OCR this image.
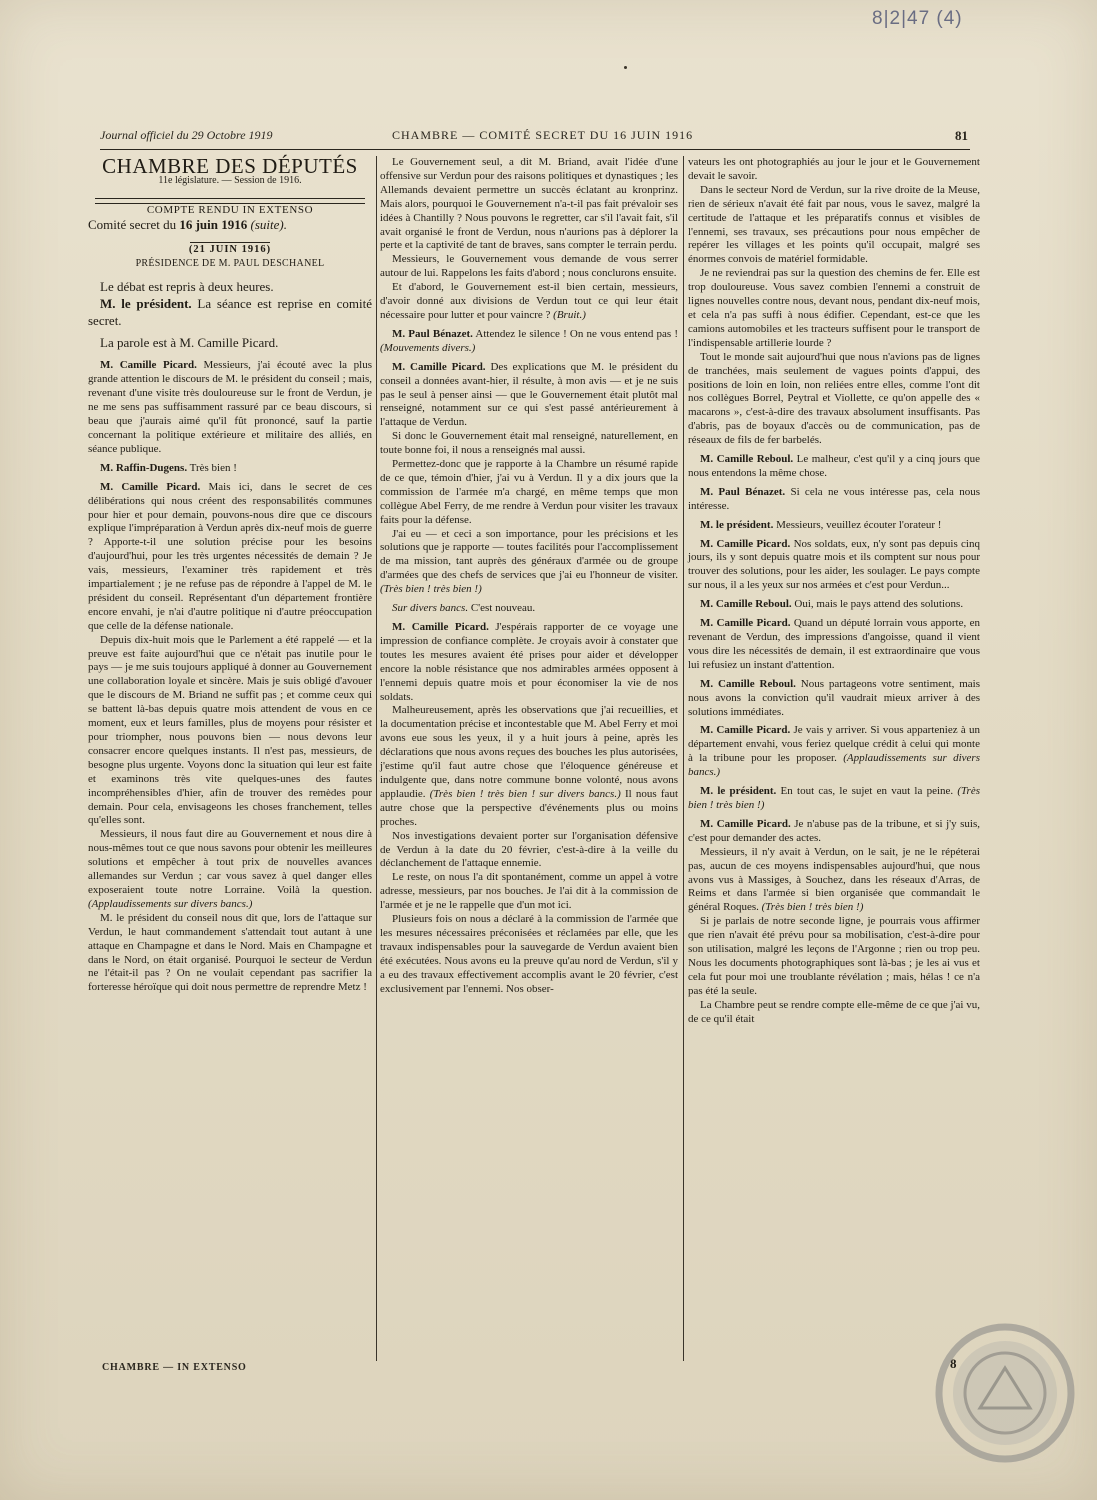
8|2|47 (4)
Journal officiel du 29 Octobre 1919	CHAMBRE — COMITÉ SECRET DU 16 JUIN 1916	81

CHAMBRE DES DÉPUTÉS

11e législature. — Session de 1916.

COMPTE RENDU IN EXTENSO

Comité secret du 16 juin 1916 (suite).

(21 JUIN 1916)

PRÉSIDENCE DE M. PAUL DESCHANEL

Le débat est repris à deux heures.

M. le président. La séance est reprise en comité secret.

La parole est à M. Camille Picard.

M. Camille Picard. Messieurs, j'ai écouté avec la plus grande attention le discours de M. le président du conseil ; mais, revenant d'une visite très douloureuse sur le front de Verdun, je ne me sens pas suffisamment rassuré par ce beau discours, si beau que j'aurais aimé qu'il fût prononcé, sauf la partie concernant la politique extérieure et militaire des alliés, en séance publique.

M. Raffin-Dugens. Très bien !

M. Camille Picard. Mais ici, dans le secret de ces délibérations qui nous créent des responsabilités communes pour hier et pour demain, pouvons-nous dire que ce discours explique l'impréparation à Verdun après dix-neuf mois de guerre ? Apporte-t-il une solution précise pour les besoins d'aujourd'hui, pour les très urgentes nécessités de demain ? Je vais, messieurs, l'examiner très rapidement et très impartialement ; je ne refuse pas de répondre à l'appel de M. le président du conseil. Représentant d'un département frontière encore envahi, je n'ai d'autre politique ni d'autre préoccupation que celle de la défense nationale.

Depuis dix-huit mois que le Parlement a été rappelé — et la preuve est faite aujourd'hui que ce n'était pas inutile pour le pays — je me suis toujours appliqué à donner au Gouvernement une collaboration loyale et sincère. Mais je suis obligé d'avouer que le discours de M. Briand ne suffit pas ; et comme ceux qui se battent là-bas depuis quatre mois attendent de vous en ce moment, eux et leurs familles, plus de moyens pour résister et pour triompher, nous pouvons bien — nous devons leur consacrer encore quelques instants. Il n'est pas, messieurs, de besogne plus urgente. Voyons donc la situation qui leur est faite et examinons très vite quelques-unes des fautes incompréhensibles d'hier, afin de trouver des remèdes pour demain. Pour cela, envisageons les choses franchement, telles qu'elles sont.

Messieurs, il nous faut dire au Gouvernement et nous dire à nous-mêmes tout ce que nous savons pour obtenir les meilleures solutions et empêcher à tout prix de nouvelles avances allemandes sur Verdun ; car vous savez à quel danger elles exposeraient toute notre Lorraine. Voilà la question. (Applaudissements sur divers bancs.)

M. le président du conseil nous dit que, lors de l'attaque sur Verdun, le haut commandement s'attendait tout autant à une attaque en Champagne et dans le Nord. Mais en Champagne et dans le Nord, on était organisé. Pourquoi le secteur de Verdun ne l'était-il pas ? On ne voulait cependant pas sacrifier la forteresse héroïque qui doit nous permettre de reprendre Metz !

Le Gouvernement seul, a dit M. Briand, avait l'idée d'une offensive sur Verdun pour des raisons politiques et dynastiques ; les Allemands devaient permettre un succès éclatant au kronprinz. Mais alors, pourquoi le Gouvernement n'a-t-il pas fait prévaloir ses idées à Chantilly ? Nous pouvons le regretter, car s'il l'avait fait, s'il avait organisé le front de Verdun, nous n'aurions pas à déplorer la perte et la captivité de tant de braves, sans compter le terrain perdu.

Messieurs, le Gouvernement vous demande de vous serrer autour de lui. Rappelons les faits d'abord ; nous conclurons ensuite.

Et d'abord, le Gouvernement est-il bien certain, messieurs, d'avoir donné aux divisions de Verdun tout ce qui leur était nécessaire pour lutter et pour vaincre ? (Bruit.)

M. Paul Bénazet. Attendez le silence ! On ne vous entend pas ! (Mouvements divers.)

M. Camille Picard. Des explications que M. le président du conseil a données avant-hier, il résulte, à mon avis — et je ne suis pas le seul à penser ainsi — que le Gouvernement était plutôt mal renseigné, notamment sur ce qui s'est passé antérieurement à l'attaque de Verdun.

Si donc le Gouvernement était mal renseigné, naturellement, en toute bonne foi, il nous a renseignés mal aussi.

Permettez-donc que je rapporte à la Chambre un résumé rapide de ce que, témoin d'hier, j'ai vu à Verdun. Il y a dix jours que la commission de l'armée m'a chargé, en même temps que mon collègue Abel Ferry, de me rendre à Verdun pour visiter les travaux faits pour la défense.

J'ai eu — et ceci a son importance, pour les précisions et les solutions que je rapporte — toutes facilités pour l'accomplissement de ma mission, tant auprès des généraux d'armée ou de groupe d'armées que des chefs de services que j'ai eu l'honneur de visiter. (Très bien ! très bien !)

Sur divers bancs. C'est nouveau.

M. Camille Picard. J'espérais rapporter de ce voyage une impression de confiance complète. Je croyais avoir à constater que toutes les mesures avaient été prises pour aider et développer encore la noble résistance que nos admirables armées opposent à l'ennemi depuis quatre mois et pour économiser la vie de nos soldats.

Malheureusement, après les observations que j'ai recueillies, et la documentation précise et incontestable que M. Abel Ferry et moi avons eue sous les yeux, il y a huit jours à peine, après les déclarations que nous avons reçues des bouches les plus autorisées, j'estime qu'il faut autre chose que l'éloquence généreuse et indulgente que, dans notre commune bonne volonté, nous avons applaudie. (Très bien ! très bien ! sur divers bancs.) Il nous faut autre chose que la perspective d'événements plus ou moins proches.

Nos investigations devaient porter sur l'organisation défensive de Verdun à la date du 20 février, c'est-à-dire à la veille du déclanchement de l'attaque ennemie.

Le reste, on nous l'a dit spontanément, comme un appel à votre adresse, messieurs, par nos bouches. Je l'ai dit à la commission de l'armée et je ne le rappelle que d'un mot ici.

Plusieurs fois on nous a déclaré à la commission de l'armée que les mesures nécessaires préconisées et réclamées par elle, que les travaux indispensables pour la sauvegarde de Verdun avaient bien été exécutées. Nous avons eu la preuve qu'au nord de Verdun, s'il y a eu des travaux effectivement accomplis avant le 20 février, c'est exclusivement par l'ennemi. Nos obser-

vateurs les ont photographiés au jour le jour et le Gouvernement devait le savoir.

Dans le secteur Nord de Verdun, sur la rive droite de la Meuse, rien de sérieux n'avait été fait par nous, vous le savez, malgré la certitude de l'attaque et les préparatifs connus et visibles de l'ennemi, ses travaux, ses précautions pour nous empêcher de repérer les villages et les points qu'il occupait, malgré ses énormes convois de matériel formidable.

Je ne reviendrai pas sur la question des chemins de fer. Elle est trop douloureuse. Vous savez combien l'ennemi a construit de lignes nouvelles contre nous, devant nous, pendant dix-neuf mois, et cela n'a pas suffi à nous édifier. Cependant, est-ce que les camions automobiles et les tracteurs suffisent pour le transport de l'indispensable artillerie lourde ?

Tout le monde sait aujourd'hui que nous n'avions pas de lignes de tranchées, mais seulement de vagues points d'appui, des positions de loin en loin, non reliées entre elles, comme l'ont dit nos collègues Borrel, Peytral et Viollette, ce qu'on appelle des « macarons », c'est-à-dire des travaux absolument insuffisants. Pas d'abris, pas de boyaux d'accès ou de communication, pas de réseaux de fils de fer barbelés.

M. Camille Reboul. Le malheur, c'est qu'il y a cinq jours que nous entendons la même chose.

M. Paul Bénazet. Si cela ne vous intéresse pas, cela nous intéresse.

M. le président. Messieurs, veuillez écouter l'orateur !

M. Camille Picard. Nos soldats, eux, n'y sont pas depuis cinq jours, ils y sont depuis quatre mois et ils comptent sur nous pour trouver des solutions, pour les aider, les soulager. Le pays compte sur nous, il a les yeux sur nos armées et c'est pour Verdun...

M. Camille Reboul. Oui, mais le pays attend des solutions.

M. Camille Picard. Quand un député lorrain vous apporte, en revenant de Verdun, des impressions d'angoisse, quand il vient vous dire les nécessités de demain, il est extraordinaire que vous lui refusiez un instant d'attention.

M. Camille Reboul. Nous partageons votre sentiment, mais nous avons la conviction qu'il vaudrait mieux arriver à des solutions immédiates.

M. Camille Picard. Je vais y arriver. Si vous apparteniez à un département envahi, vous feriez quelque crédit à celui qui monte à la tribune pour les proposer. (Applaudissements sur divers bancs.)

M. le président. En tout cas, le sujet en vaut la peine. (Très bien ! très bien !)

M. Camille Picard. Je n'abuse pas de la tribune, et si j'y suis, c'est pour demander des actes.

Messieurs, il n'y avait à Verdun, on le sait, je ne le répéterai pas, aucun de ces moyens indispensables aujourd'hui, que nous avons vus à Massiges, à Souchez, dans les réseaux d'Arras, de Reims et dans l'armée si bien organisée que commandait le général Roques. (Très bien ! très bien !)

Si je parlais de notre seconde ligne, je pourrais vous affirmer que rien n'avait été prévu pour sa mobilisation, c'est-à-dire pour son utilisation, malgré les leçons de l'Argonne ; rien ou trop peu. Nous les documents photographiques sont là-bas ; je les ai vus et cela fut pour moi une troublante révélation ; mais, hélas ! ce n'a pas été la seule.

La Chambre peut se rendre compte elle-même de ce que j'ai vu, de ce qu'il était

CHAMBRE — IN EXTENSO	8
